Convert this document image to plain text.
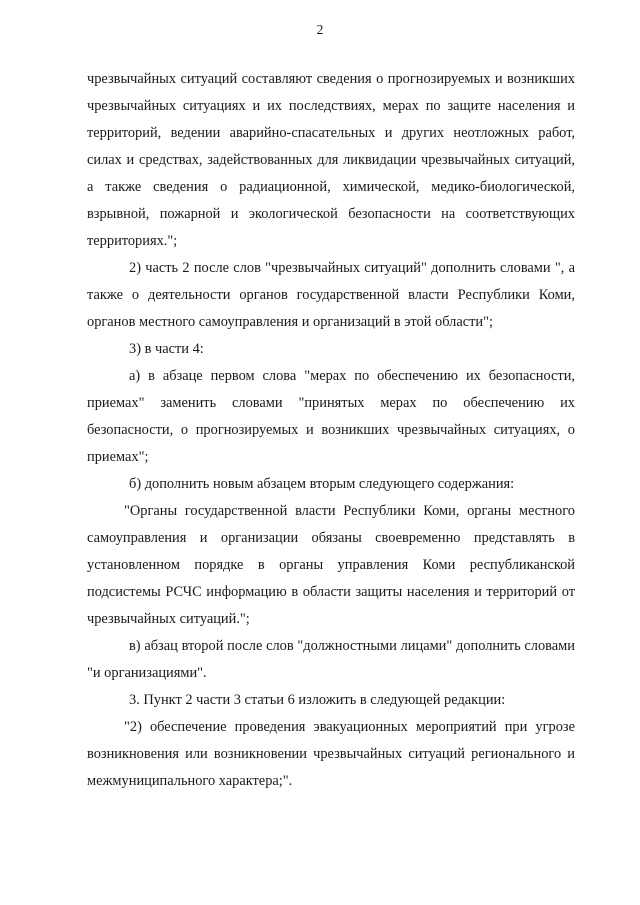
2

чрезвычайных ситуаций составляют сведения о прогнозируемых и возникших чрезвычайных ситуациях и их последствиях, мерах по защите населения и территорий, ведении аварийно-спасательных и других неотложных работ, силах и средствах, задействованных для ликвидации чрезвычайных ситуаций, а также сведения о радиационной, химической, медико-биологической, взрывной, пожарной и экологической безопасности на соответствующих территориях.";

2) часть 2 после слов "чрезвычайных ситуаций" дополнить словами ", а также о деятельности органов государственной власти Республики Коми, органов местного самоуправления и организаций в этой области";

3) в части 4:

а) в абзаце первом слова "мерах по обеспечению их безопасности, приемах" заменить словами "принятых мерах по обеспечению их безопасности, о прогнозируемых и возникших чрезвычайных ситуациях, о приемах";

б) дополнить новым абзацем вторым следующего содержания:

"Органы государственной власти Республики Коми, органы местного самоуправления и организации обязаны своевременно представлять в установленном порядке в органы управления Коми республиканской подсистемы РСЧС информацию в области защиты населения и территорий от чрезвычайных ситуаций.";

в) абзац второй после слов "должностными лицами" дополнить словами "и организациями".

3. Пункт 2 части 3 статьи 6 изложить в следующей редакции:

"2) обеспечение проведения эвакуационных мероприятий при угрозе возникновения или возникновении чрезвычайных ситуаций регионального и межмуниципального характера;".
